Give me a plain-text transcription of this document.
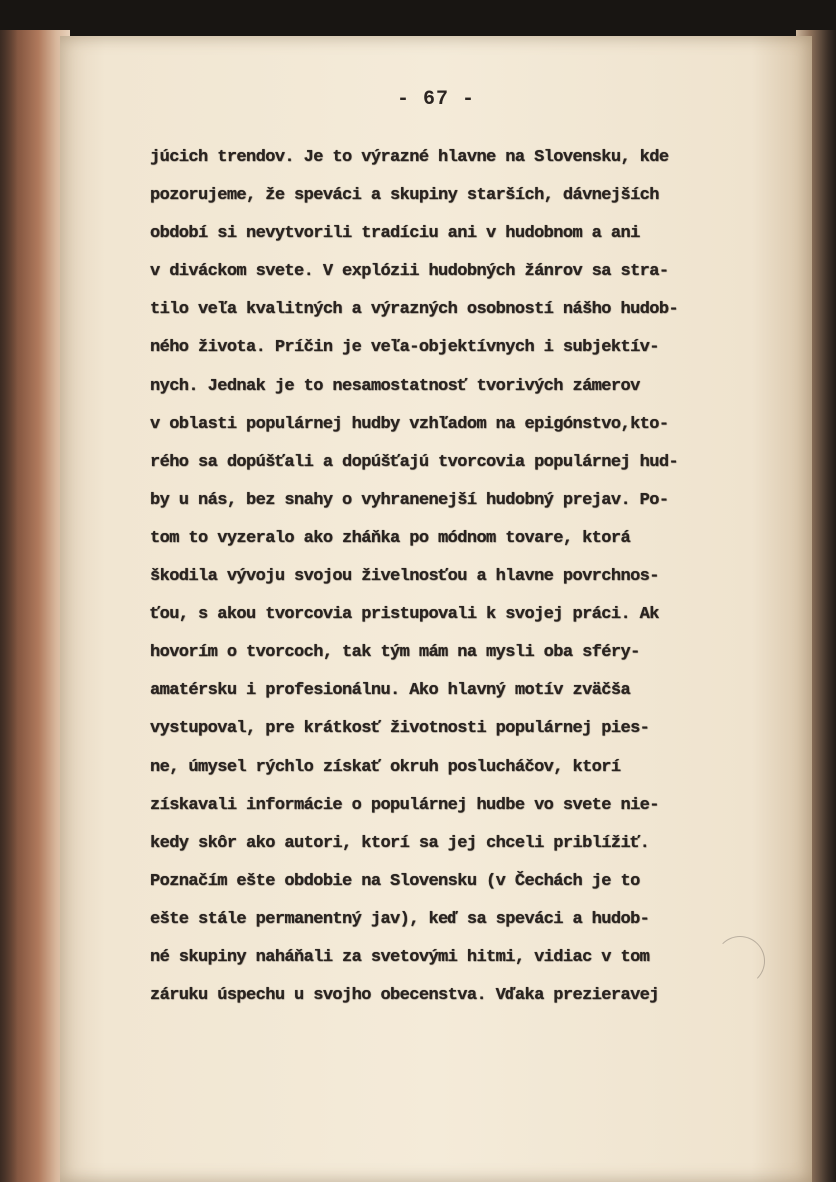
- 67 -
júcich trendov. Je to výrazné hlavne na Slovensku, kde
pozorujeme, že speváci a skupiny starších, dávnejších
období si nevytvorili tradíciu ani v hudobnom a ani
v diváckom svete. V explózii hudobných žánrov sa stra-
tilo veľa kvalitných a výrazných osobností nášho hudob-
ného života. Príčin je veľa-objektívnych i subjektív-
nych. Jednak je to nesamostatnosť tvorivých zámerov
v oblasti populárnej hudby vzhľadom na epigónstvo,kto-
rého sa dopúšťali a dopúšťajú tvorcovia populárnej hud-
by u nás, bez snahy o vyhranenejší hudobný prejav. Po-
tom to vyzeralo ako zháňka po módnom tovare, ktorá
škodila vývoju svojou živelnosťou a hlavne povrchnos-
ťou, s akou tvorcovia pristupovali k svojej práci. Ak
hovorím o tvorcoch, tak tým mám na mysli oba sféry-
amatérsku i profesionálnu. Ako hlavný motív zväčša
vystupoval, pre krátkosť životnosti populárnej pies-
ne, úmysel rýchlo získať okruh poslucháčov, ktorí
získavali informácie o populárnej hudbe vo svete nie-
kedy skôr ako autori, ktorí sa jej chceli priblížiť.
Poznačím ešte obdobie na Slovensku (v Čechách je to
ešte stále permanentný jav), keď sa speváci a hudob-
né skupiny naháňali za svetovými hitmi, vidiac v tom
záruku úspechu u svojho obecenstva. Vďaka prezieravej
